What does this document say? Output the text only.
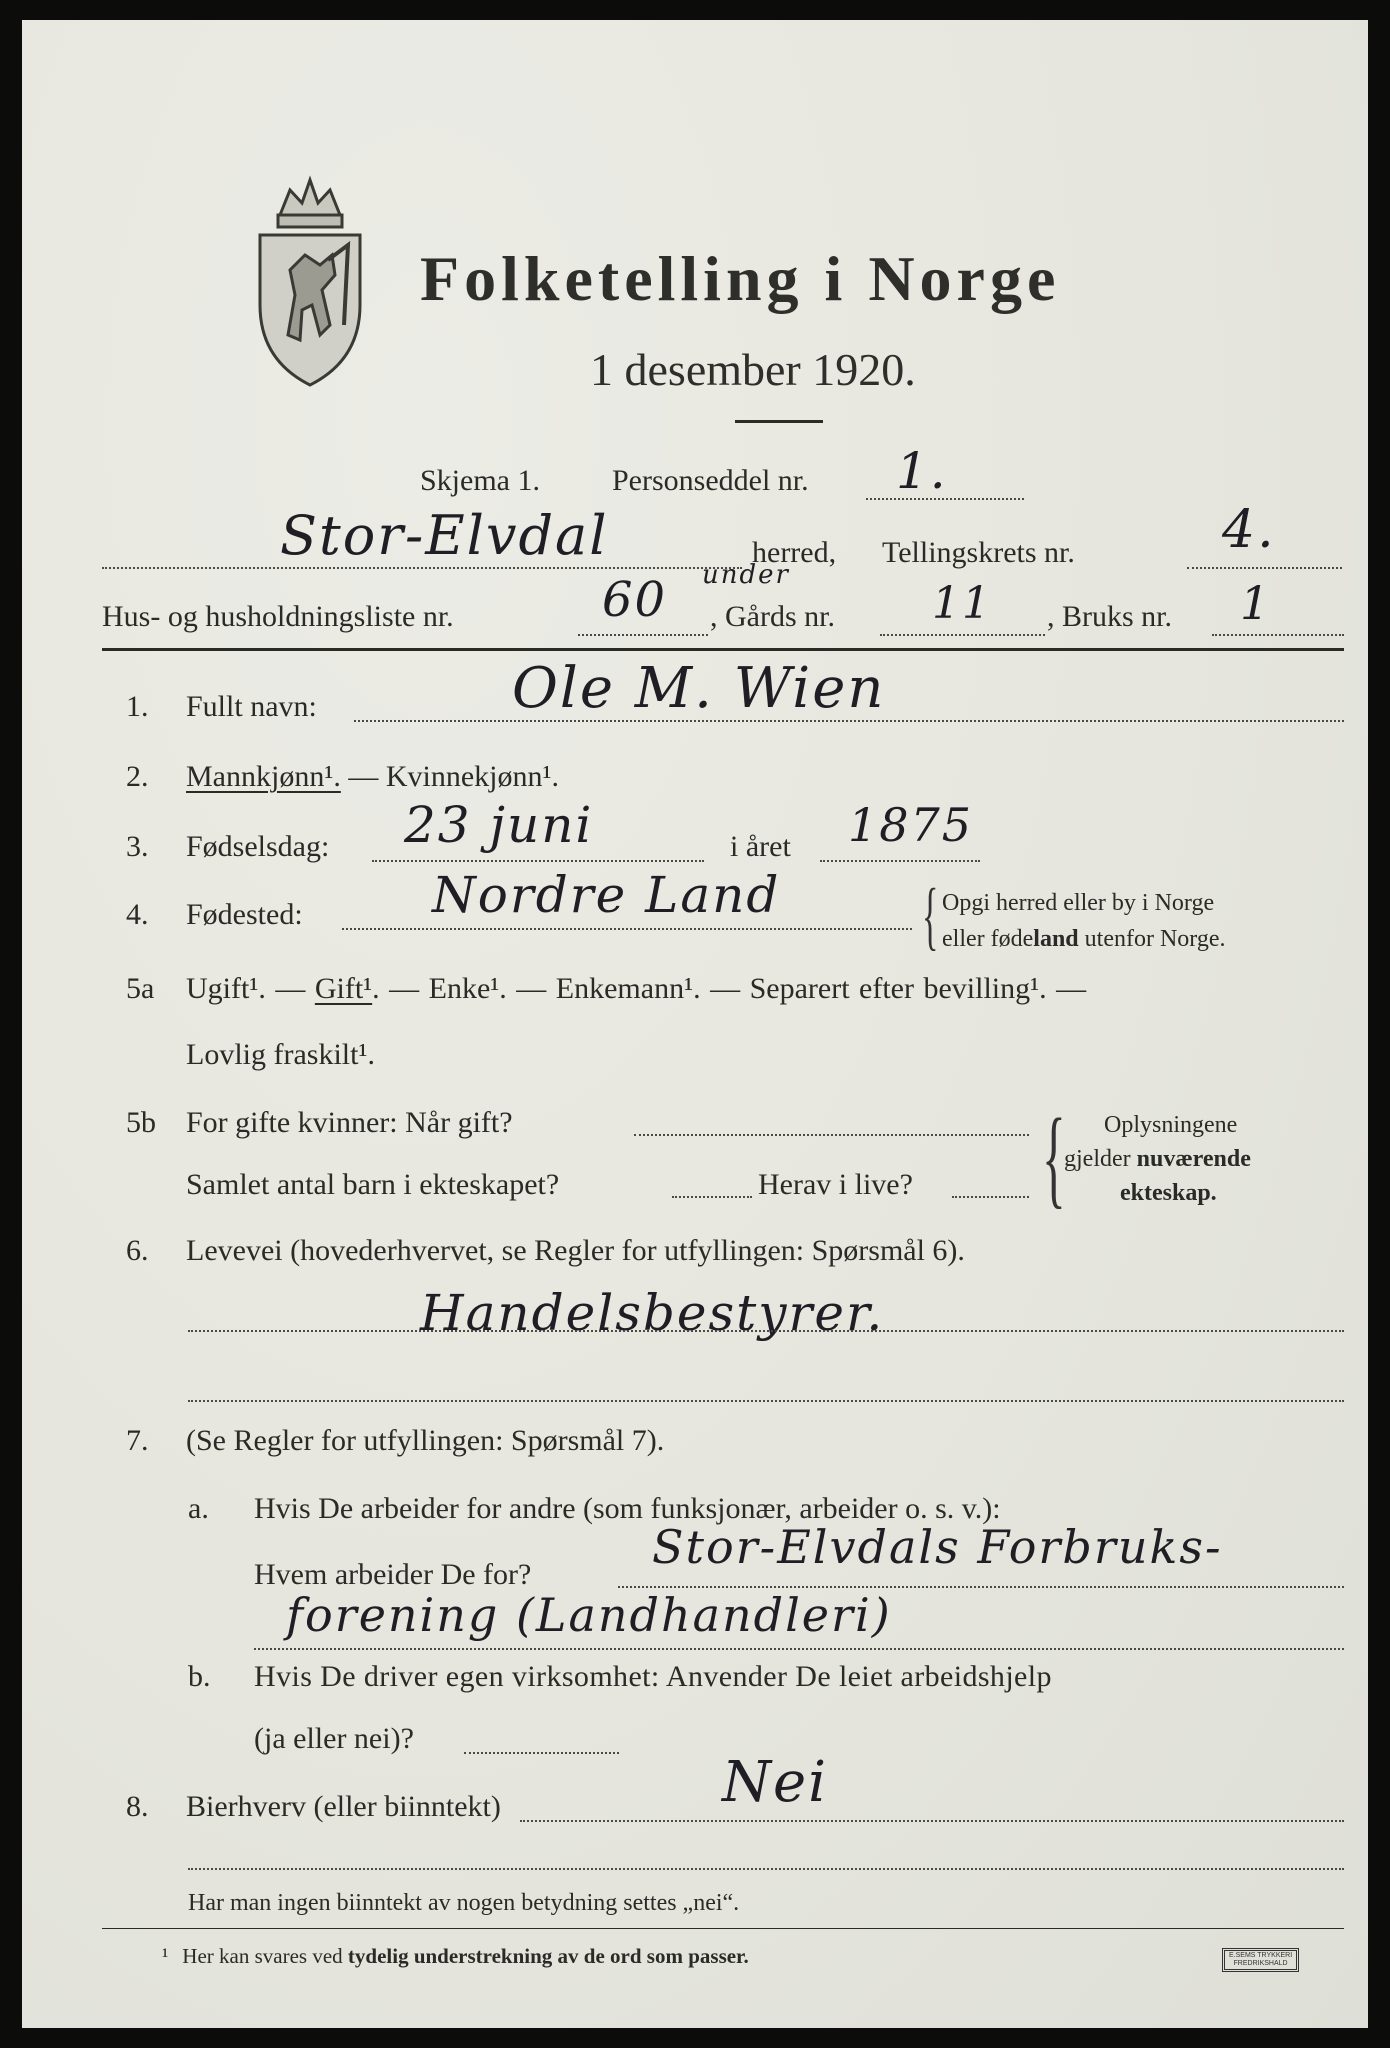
Folketelling i Norge
1 desember 1920.
Skjema 1. Personseddel nr. 1.
Stor-Elvdal	herred, Tellingskrets nr.	4.
Hus- og husholdningsliste nr.	60 under
, Gårds nr. 11 , Bruks nr. 1
1. Fullt navn:	Ole M. Wien
2. Mannkjønn¹. — Kvinnekjønn¹.
3. Fødselsdag: 23 juni	i året 1875
4. Fødested:	Nordre Land { Opgi herred eller by i Norge
eller fødeland utenfor Norge.
5a Ugift¹. — Gift¹. — Enke¹. — Enkemann¹. — Separert efter bevilling¹. —
Lovlig fraskilt¹.
5b For gifte kvinner: Når gift?
Samlet antal barn i ekteskapet?	Herav i live? { Oplysningene
gjelder nuværende
ekteskap.
6. Levevei (hovederhvervet, se Regler for utfyllingen: Spørsmål 6).
Handelsbestyrer.
7. (Se Regler for utfyllingen: Spørsmål 7).
a. Hvis De arbeider for andre (som funksjonær, arbeider o. s. v.):
Hvem arbeider De for?
Stor-Elvdals Forbruks-
forening (Landhandleri)
b. Hvis De driver egen virksomhet: Anvender De leiet arbeidshjelp
(ja eller nei)?
8. Bierhverv (eller biinntekt)	Nei
Har man ingen biinntekt av nogen betydning settes „nei“.
¹ Her kan svares ved tydelig understrekning av de ord som passer.	E.SEMS TRYKKERI
FREDRIKSHALD
